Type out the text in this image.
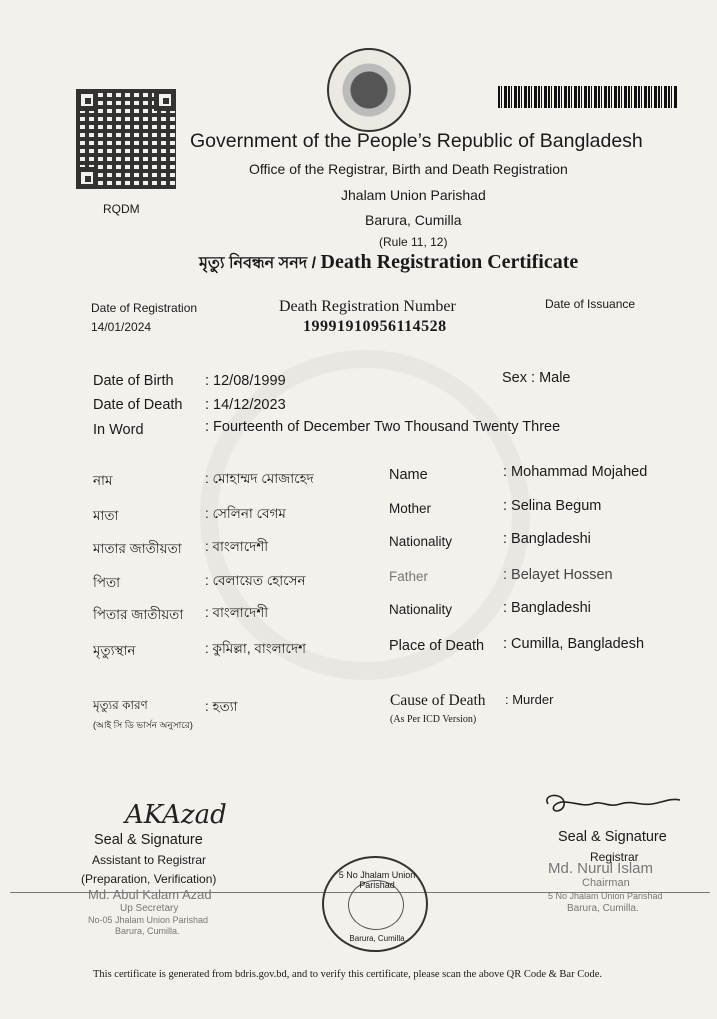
RQDM
Government of the People’s Republic of Bangladesh
Office of the Registrar, Birth and Death Registration
Jhalam Union Parishad
Barura, Cumilla
(Rule 11, 12)
মৃত্যু নিবন্ধন সনদ / Death Registration Certificate
Date of Registration
14/01/2024
Death Registration Number
19991910956114528
Date of Issuance
Date of Birth : 12/08/1999	Sex : Male
Date of Death : 14/12/2023
In Word	: Fourteenth of December Two Thousand Twenty Three
নাম	: মোহাম্মদ মোজাহেদ	Name	: Mohammad Mojahed
মাতা	: সেলিনা বেগম	Mother	: Selina Begum
মাতার জাতীয়তা : বাংলাদেশী	Nationality	: Bangladeshi
পিতা	: বেলায়েত হোসেন	Father	: Belayet Hossen
পিতার জাতীয়তা : বাংলাদেশী	Nationality	: Bangladeshi
মৃত্যুস্থান	: কুমিল্লা, বাংলাদেশ	Place of Death : Cumilla, Bangladesh
মৃত্যুর কারণ
(আই সি ডি ভার্সন অনুসারে)
: হত্যা	Cause of Death : Murder
(As Per ICD Version)
AKAzad
Seal & Signature
Assistant to Registrar
(Preparation, Verification)
Md. Abul Kalam Azad
Up Secretary
No-05 Jhalam Union Parishad
Barura, Cumilla.
5 No Jhalam Union Parishad
Barura, Cumilla
Seal & Signature
Registrar
Md. Nurul Islam
Chairman
5 No Jhalam Union Parishad
Barura, Cumilla.
This certificate is generated from bdris.gov.bd, and to verify this certificate, please scan the above QR Code & Bar Code.
